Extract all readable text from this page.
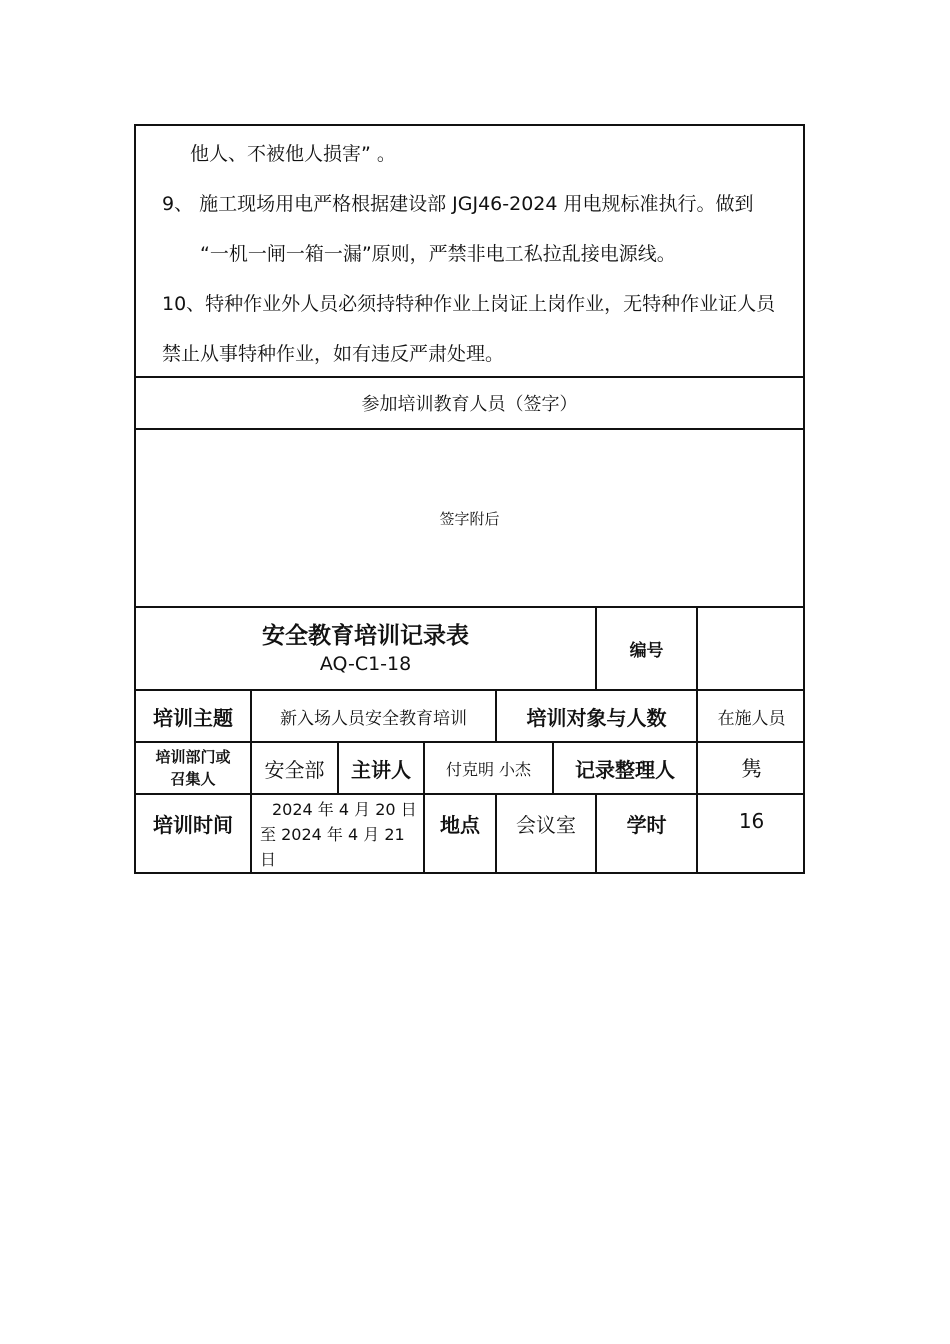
他人、不被他人损害” 。
9、 施工现场用电严格根据建设部 JGJ46-2024 用电规标准执行。做到
“一机一闸一箱一漏”原则，严禁非电工私拉乱接电源线。
10、特种作业外人员必须持特种作业上岗证上岗作业，无特种作业证人员
禁止从事特种作业，如有违反严肃处理。
参加培训教育人员（签字）
签字附后
安全教育培训记录表
AQ-C1-18						编号	
培训主题	新入场人员安全教育培训			培训对象与人数			在施人员

培训部门或
召集人	安全部	主讲人	付克明 小杰		记录整理人		隽
培训时间	2024 年 4 月 20 日
至 2024 年 4 月 21
日		地点	会议室		学时	16
